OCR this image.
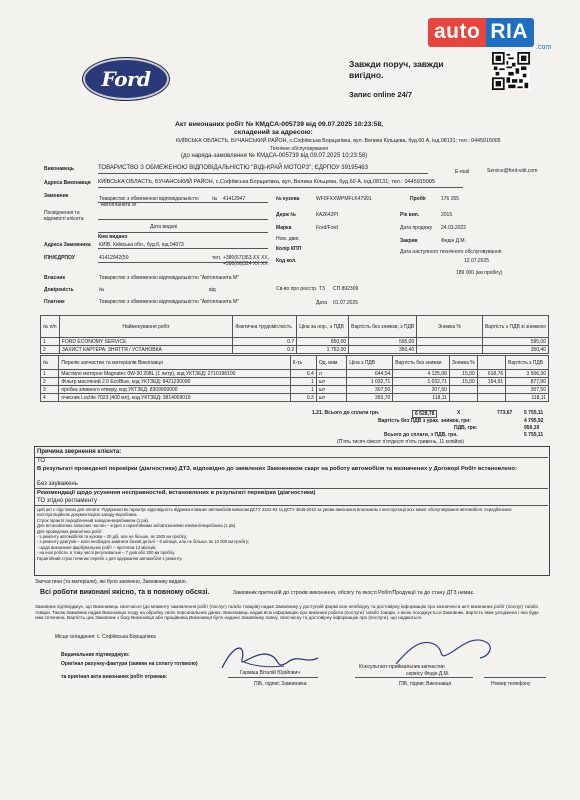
Ford
auto RIA
.com
Завжди поруч, завжди
вигідно.
Запис online 24/7
Акт виконаних робіт № КМдСА-005739 від 09.07.2025 10:23:58,
складений за адресою:
КИЇВСЬКА ОБЛАСТЬ, БУЧАНСЬКИЙ РАЙОН, с.Софіївська Борщагівка, вул. Велика Кільцева, буд.60 А, інд.08131; тел.: 0445915005
Технічне обслуговування
(до наряда-замовлення № КМдСА-005739 від 09.07.2025 10:23:58)
Виконавець	ТОВАРИСТВО З ОБМЕЖЕНОЮ ВІДПОВІДАЛЬНІСТЮ "ВІДІ-КРАЙ МОТОРЗ"; ЄДРПОУ 39195463
E-mail	Service@ford-vidi.com
Адреса Виконавця КИЇВСЬКА ОБЛАСТЬ, БУЧАНСЬКИЙ РАЙОН, с.Софіївська Борщагівка, вул. Велика Кільцева, буд.60 А, інд.08131; тел.: 0445915005
Замовник	Товариство з обмеженою відповідальністю "Автопланета М"
№ 41412947	№ кузова	WF0FXXWPMFLK47991	Пробіг	176 355
Посвідчення та відомості клієнта
Держ №	КА2642РІ	Рік вип.	2015
Дата видачі	Марка	Ford/Ford	Дата продажу 24.03.2022
Ким видано	Ном. двиг.
Адреса Замовника КИЇВ, Київська обл., буд.6, інд.04073
Закрив	Федін Д.М.
Колір КПП
ІПН/ЄДРПОУ	41412942(50	тел. +380(67)363 XX XX, +380(66)324 XX XX	Код кол.
Дата наступного технічного обслуговування
12.07.2025
189 000 (км пробігу)
Власник	Товариство з обмеженою відповідальністю "Автопланета М"
Довіреність	№	від	Св-во про реєстр. ТЗ	СП 892309
Платник	Товариство з обмеженою відповідальністю "Автопланета М"	Дата 01.07.2025
№ п/п	Найменування робіт	Фактична трудомісткість	Ціна за нор., з ПДВ	Вартість без знижки, з ПДВ	Знижка %	Вартість з ПДВ зі знижкою
1	FORD ECONOMY SERVICE	0.7	850,00	595,00		595,00
2	ЗАХИСТ КАРТЕРА: ЗНЯТТЯ / УСТАНОВКА	0.2	1 752,00	350,40		350,40
№	Перелік запчастин та матеріалів Виконавця	К-ть	Од. вим.	Ціна з ПДВ	Вартість без знижки	Знижка %		Вартість з ПДВ
1	Мастило моторне Magnatec 0W-30 208L (1 литр), код УКТЗЕД: 2710198100	6.4	л	644,54	4 125,06	15,00	618,76	3 506,30
2	Фільтр масляний 2.0 EcoBlue, код УКТЗЕД: 8421230090	1	шт	1 032,71	1 032,71	15,00	154,91	877,80
3	пробка зливного отвору, код УКТЗЕД: 8309909000	1	шт	307,50	307,50			307,50
4	очисник Loctite 7023 (400 мл), код УКТЗЕД: 3814009019	0.3	шт	393,70	118,11			118,11
1.21. Всього до сплати грн.	6 528,78	X	773,67 5 755,11
Вартість без ПДВ з урах. знижок, грн:	4 795,92
ПДВ, грн:	959,19
Всього до сплати, з ПДВ, грн.	5 755,11
(П'ять тисяч сімсот п'ятдесят п'ять гривень, 11 копійок)
Причина звернення клієнта:
ТО
В результаті проведеної перевірки (діагностики) ДТЗ, відповідно до заявлених Замовником скарг на роботу автомобіля та визначених у Договорі Робіт встановлено:
Без зауважень
Рекомендації щодо усунення несправностей, встановлених в результаті перевірки (діагностики)
ТО згідно регламенту
Цей акт є підставою для оплати. Підприємство гарантує відповідність відремонтованих автомобілів вимогам ДСТУ 2322-93 та ДСТУ 3649-2010 за умови виконання власником з експлуатації всіх вимог обслуговування автомобіля, передбачених експлуатаційною документацією заводу-виробника.
Строк гарантії передбачений заводом-виробником (1 рік).
Для встановлених запасних частин – згідно з гарантійними зобов'язаннями компанії-виробника (1 рік).
Для проведених ремонтних робіт:
- з ремонту автомобілів та кузова – 20 діб, але не більше, як 1500 км пробігу;
- з ремонту двигунів – коли необхідно замінити базові деталі – 6 місяців, але не більше, як 10 000 км пробігу;
- щодо виконання фарбувальних робіт – протягом 12 місяців;
- на інші роботи, в тому числі регулювальні – 7 днів або 200 км пробігу.
Гарантійний строк починає перебіг з дня одержання автомобіля з ремонту.
Запчастини (та матеріали), які було замінено, Замовнику видано.
Всі роботи виконані якісно, та в повному обсязі.	Замовник претензій до строків виконання, обсягу та якості Робіт/Продукції та до стану ДТЗ немає.
Замовник підтверджує, що Виконавець своєчасно (до моменту замовлення робіт (послуг) та/або товарів) надав Замовнику у доступній формі всю необхідну та достовірну інформацію про зазначені в акті виконаних робіт (послуг) та/або товари. Також Замовник надав Виконавцю згоду на обробку своїх персональних даних. Виконавець надав всю інформацію про виконані роботи (послуги) та/або товари, з якою погоджується Замовник, вартість яких узгоджена і яка буде ним сплачена. Вартість цих Замовник з боку Виконавця або працівника Виконавця було надано Замовнику повну, своєчасну та достовірну інформацію про (послуги), що надаються.
Місце складання: с. Софіївська Борщагівка
Видачальник підтверджую:
Оригінал рахунку-фактури (заявки на сплату готівкою)
та оригінал акта виконаних робіт отримав:
Гармаш Віталій Юрійович
ПІБ, підпис Замовника
Консультант-приймальник запчастин
сервісу Федін Д.М.
ПІБ, підпис Виконавця	Номер телефону
